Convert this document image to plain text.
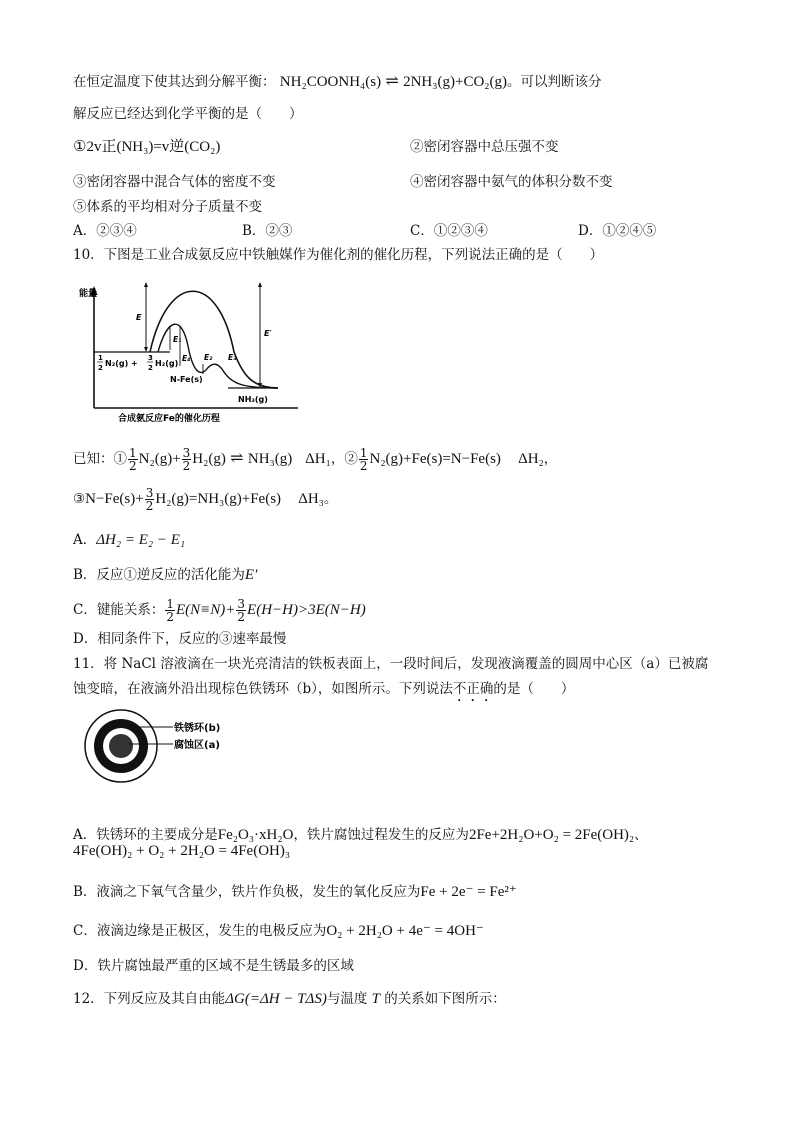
在恒定温度下使其达到分解平衡： NH₂COONH₄(s) ⇌ 2NH₃(g)+CO₂(g)。可以判断该分
解反应已经达到化学平衡的是（　　）
①2v正(NH₃)=v逆(CO₂)	②密闭容器中总压强不变
③密闭容器中混合气体的密度不变	④密闭容器中氨气的体积分数不变
⑤体系的平均相对分子质量不变
A．②③④	B．②③	C．①②③④	D．①②④⑤
10．下图是工业合成氨反应中铁触媒作为催化剂的催化历程，下列说法正确的是（　　）
能量
E
E′
E₁
E₄ E₂ E₃
1
2 N₂(g) +
3
2 H₂(g)
N-Fe(s)
NH₃(g)
合成氨反应Fe的催化历程
已知：① $\frac{1}{2} N_2(g)+ \frac{3}{2} H_2(g)$ ⇌ NH₃(g) ΔH₁，② $\frac{1}{2} N_2(g)+Fe(s)=N-Fe(s)$ ΔH₂，
③N−Fe(s)+ $\frac{3}{2} H_2(g)=NH_3(g)+Fe(s)$ ΔH₃。
A．ΔH₂ = E₂ − E₁
B．反应①逆反应的活化能为E′
C．键能关系： $\frac{1}{2} E(N\equiv N)+ \frac{3}{2} E(H-H)>3E(N-H)$
D．相同条件下，反应的③速率最慢
11．将 NaCl 溶液滴在一块光亮清洁的铁板表面上，一段时间后，发现液滴覆盖的圆周中心区（a）已被腐
蚀变暗，在液滴外沿出现棕色铁锈环（b），如图所示。下列说法不正确的是（　　）
铁锈环(b)
腐蚀区(a)
A．铁锈环的主要成分是Fe₂O₃·xH₂O，铁片腐蚀过程发生的反应为2Fe+2H₂O+O₂ = 2Fe(OH)₂、
4Fe(OH)₂ + O₂ + 2H₂O = 4Fe(OH)₃
B．液滴之下氧气含量少，铁片作负极，发生的氧化反应为Fe + 2e⁻ = Fe²⁺
C．液滴边缘是正极区，发生的电极反应为O₂ + 2H₂O + 4e⁻ = 4OH⁻
D．铁片腐蚀最严重的区域不是生锈最多的区域
12．下列反应及其自由能ΔG(=ΔH − TΔS)与温度 T 的关系如下图所示：
